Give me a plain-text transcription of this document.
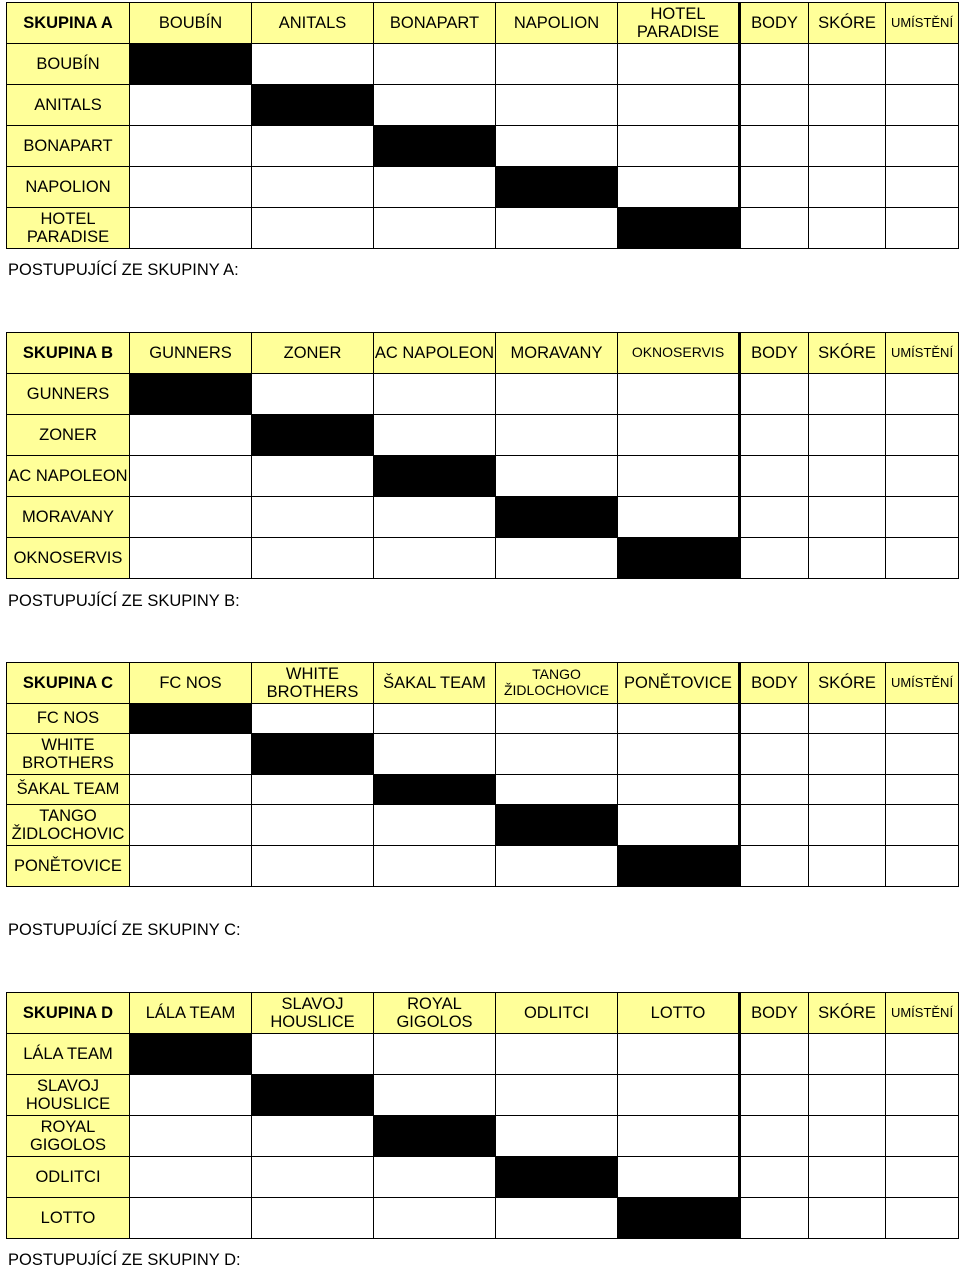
SKUPINA A	BOUBÍN	ANITALS	BONAPART	NAPOLION	HOTEL PARADISE	BODY	SKÓRE	UMÍSTĚNÍ
BOUBÍN								
ANITALS								
BONAPART								
NAPOLION								
HOTEL PARADISE								
POSTUPUJÍCÍ ZE SKUPINY A:
SKUPINA B	GUNNERS	ZONER	AC NAPOLEON	MORAVANY	OKNOSERVIS	BODY	SKÓRE	UMÍSTĚNÍ
GUNNERS								
ZONER								
AC NAPOLEON								
MORAVANY								
OKNOSERVIS								
POSTUPUJÍCÍ ZE SKUPINY B:
SKUPINA C	FC NOS	WHITE BROTHERS	ŠAKAL TEAM	TANGO ŽIDLOCHOVICE	PONĚTOVICE	BODY	SKÓRE	UMÍSTĚNÍ
FC NOS								
WHITE BROTHERS								
ŠAKAL TEAM								
TANGO ŽIDLOCHOVIC								
PONĚTOVICE								
POSTUPUJÍCÍ ZE SKUPINY C:
SKUPINA D	LÁLA TEAM	SLAVOJ HOUSLICE	ROYAL GIGOLOS	ODLITCI	LOTTO	BODY	SKÓRE	UMÍSTĚNÍ
LÁLA TEAM								
SLAVOJ HOUSLICE								
ROYAL GIGOLOS								
ODLITCI								
LOTTO								
POSTUPUJÍCÍ ZE SKUPINY D:
